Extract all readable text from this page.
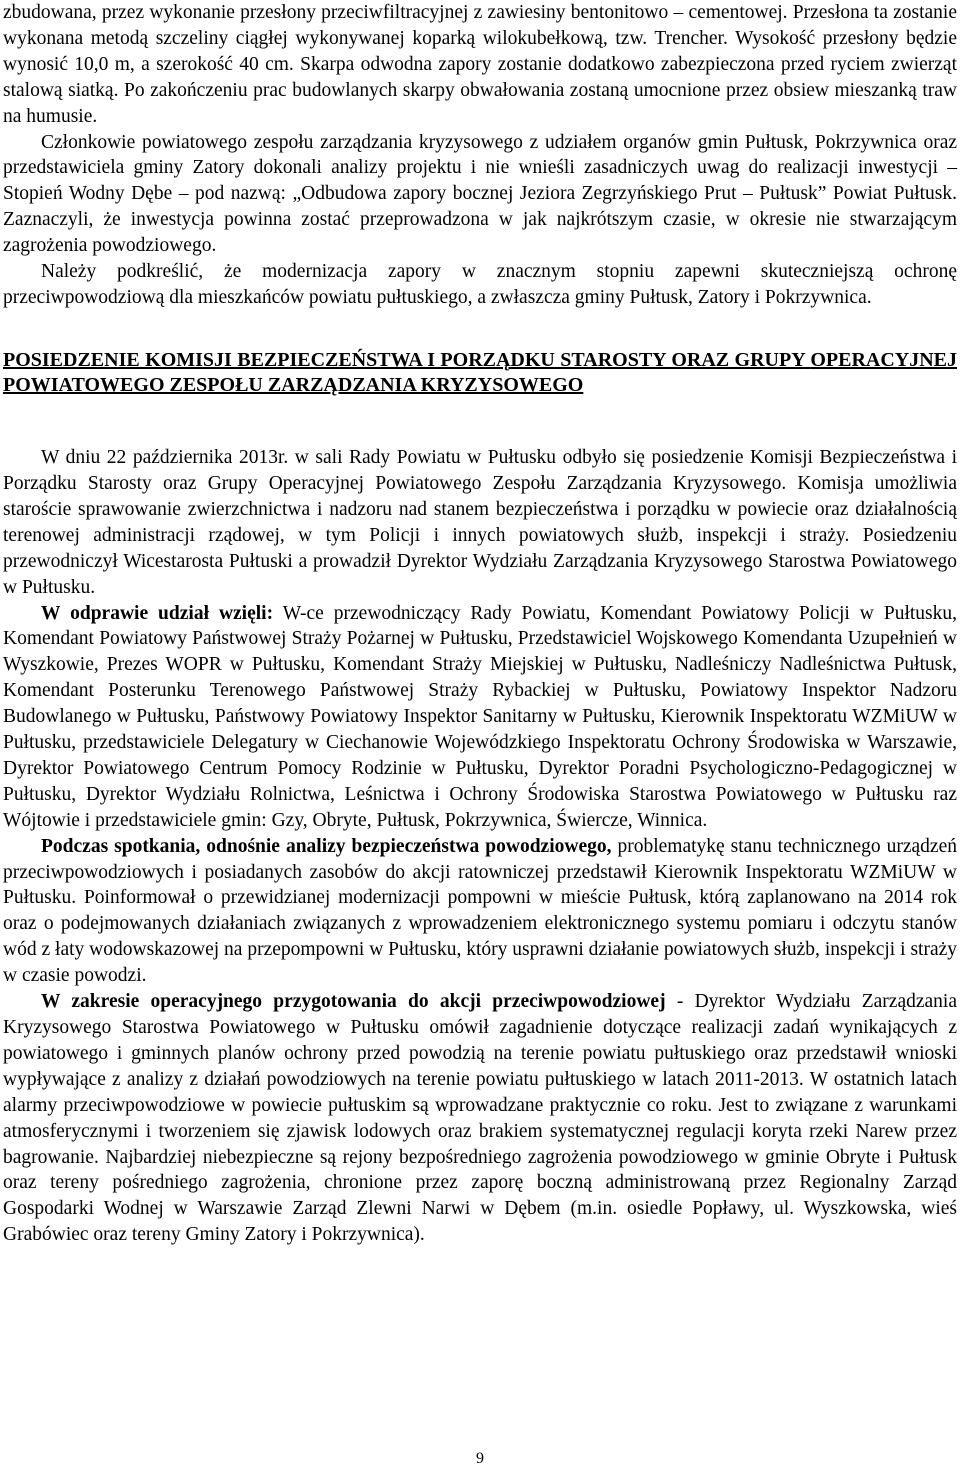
zbudowana, przez wykonanie przesłony przeciwfiltracyjnej z zawiesiny bentonitowo – cementowej. Przesłona ta zostanie wykonana metodą szczeliny ciągłej wykonywanej koparką wilokubełkową, tzw. Trencher. Wysokość przesłony będzie wynosić 10,0 m, a szerokość 40 cm. Skarpa odwodna zapory zostanie dodatkowo zabezpieczona przed ryciem zwierząt stalową siatką. Po zakończeniu prac budowlanych skarpy obwałowania zostaną umocnione przez obsiew mieszanką traw na humusie.

Członkowie powiatowego zespołu zarządzania kryzysowego z udziałem organów gmin Pułtusk, Pokrzywnica oraz przedstawiciela gminy Zatory dokonali analizy projektu i nie wnieśli zasadniczych uwag do realizacji inwestycji – Stopień Wodny Dębe – pod nazwą: „Odbudowa zapory bocznej Jeziora Zegrzyńskiego Prut – Pułtusk” Powiat Pułtusk. Zaznaczyli, że inwestycja powinna zostać przeprowadzona w jak najkrótszym czasie, w okresie nie stwarzającym zagrożenia powodziowego.

Należy podkreślić, że modernizacja zapory w znacznym stopniu zapewni skuteczniejszą ochronę przeciwpowodziową dla mieszkańców powiatu pułtuskiego, a zwłaszcza gminy Pułtusk, Zatory i Pokrzywnica.

POSIEDZENIE KOMISJI BEZPIECZEŃSTWA I PORZĄDKU STAROSTY ORAZ GRUPY OPERACYJNEJ POWIATOWEGO ZESPOŁU ZARZĄDZANIA KRYZYSOWEGO

W dniu 22 października 2013r. w sali Rady Powiatu w Pułtusku odbyło się posiedzenie Komisji Bezpieczeństwa i Porządku Starosty oraz Grupy Operacyjnej Powiatowego Zespołu Zarządzania Kryzysowego. Komisja umożliwia staroście sprawowanie zwierzchnictwa i nadzoru nad stanem bezpieczeństwa i porządku w powiecie oraz działalnością terenowej administracji rządowej, w tym Policji i innych powiatowych służb, inspekcji i straży. Posiedzeniu przewodniczył Wicestarosta Pułtuski a prowadził Dyrektor Wydziału Zarządzania Kryzysowego Starostwa Powiatowego w Pułtusku.

W odprawie udział wzięli: W-ce przewodniczący Rady Powiatu, Komendant Powiatowy Policji w Pułtusku, Komendant Powiatowy Państwowej Straży Pożarnej w Pułtusku, Przedstawiciel Wojskowego Komendanta Uzupełnień w Wyszkowie, Prezes WOPR w Pułtusku, Komendant Straży Miejskiej w Pułtusku, Nadleśniczy Nadleśnictwa Pułtusk, Komendant Posterunku Terenowego Państwowej Straży Rybackiej w Pułtusku, Powiatowy Inspektor Nadzoru Budowlanego w Pułtusku, Państwowy Powiatowy Inspektor Sanitarny w Pułtusku, Kierownik Inspektoratu WZMiUW w Pułtusku, przedstawiciele Delegatury w Ciechanowie Wojewódzkiego Inspektoratu Ochrony Środowiska w Warszawie, Dyrektor Powiatowego Centrum Pomocy Rodzinie w Pułtusku, Dyrektor Poradni Psychologiczno-Pedagogicznej w Pułtusku, Dyrektor Wydziału Rolnictwa, Leśnictwa i Ochrony Środowiska Starostwa Powiatowego w Pułtusku raz Wójtowie i przedstawiciele gmin: Gzy, Obryte, Pułtusk, Pokrzywnica, Świercze, Winnica.

Podczas spotkania, odnośnie analizy bezpieczeństwa powodziowego, problematykę stanu technicznego urządzeń przeciwpowodziowych i posiadanych zasobów do akcji ratowniczej przedstawił Kierownik Inspektoratu WZMiUW w Pułtusku. Poinformował o przewidzianej modernizacji pompowni w mieście Pułtusk, którą zaplanowano na 2014 rok oraz o podejmowanych działaniach związanych z wprowadzeniem elektronicznego systemu pomiaru i odczytu stanów wód z łaty wodowskazowej na przepompowni w Pułtusku, który usprawni działanie powiatowych służb, inspekcji i straży w czasie powodzi.

W zakresie operacyjnego przygotowania do akcji przeciwpowodziowej - Dyrektor Wydziału Zarządzania Kryzysowego Starostwa Powiatowego w Pułtusku omówił zagadnienie dotyczące realizacji zadań wynikających z powiatowego i gminnych planów ochrony przed powodzią na terenie powiatu pułtuskiego oraz przedstawił wnioski wypływające z analizy z działań powodziowych na terenie powiatu pułtuskiego w latach 2011-2013. W ostatnich latach alarmy przeciwpowodziowe w powiecie pułtuskim są wprowadzane praktycznie co roku. Jest to związane z warunkami atmosferycznymi i tworzeniem się zjawisk lodowych oraz brakiem systematycznej regulacji koryta rzeki Narew przez bagrowanie. Najbardziej niebezpieczne są rejony bezpośredniego zagrożenia powodziowego w gminie Obryte i Pułtusk oraz tereny pośredniego zagrożenia, chronione przez zaporę boczną administrowaną przez Regionalny Zarząd Gospodarki Wodnej w Warszawie Zarząd Zlewni Narwi w Dębem (m.in. osiedle Popławy, ul. Wyszkowska, wieś Grabówiec oraz tereny Gminy Zatory i Pokrzywnica).

9
